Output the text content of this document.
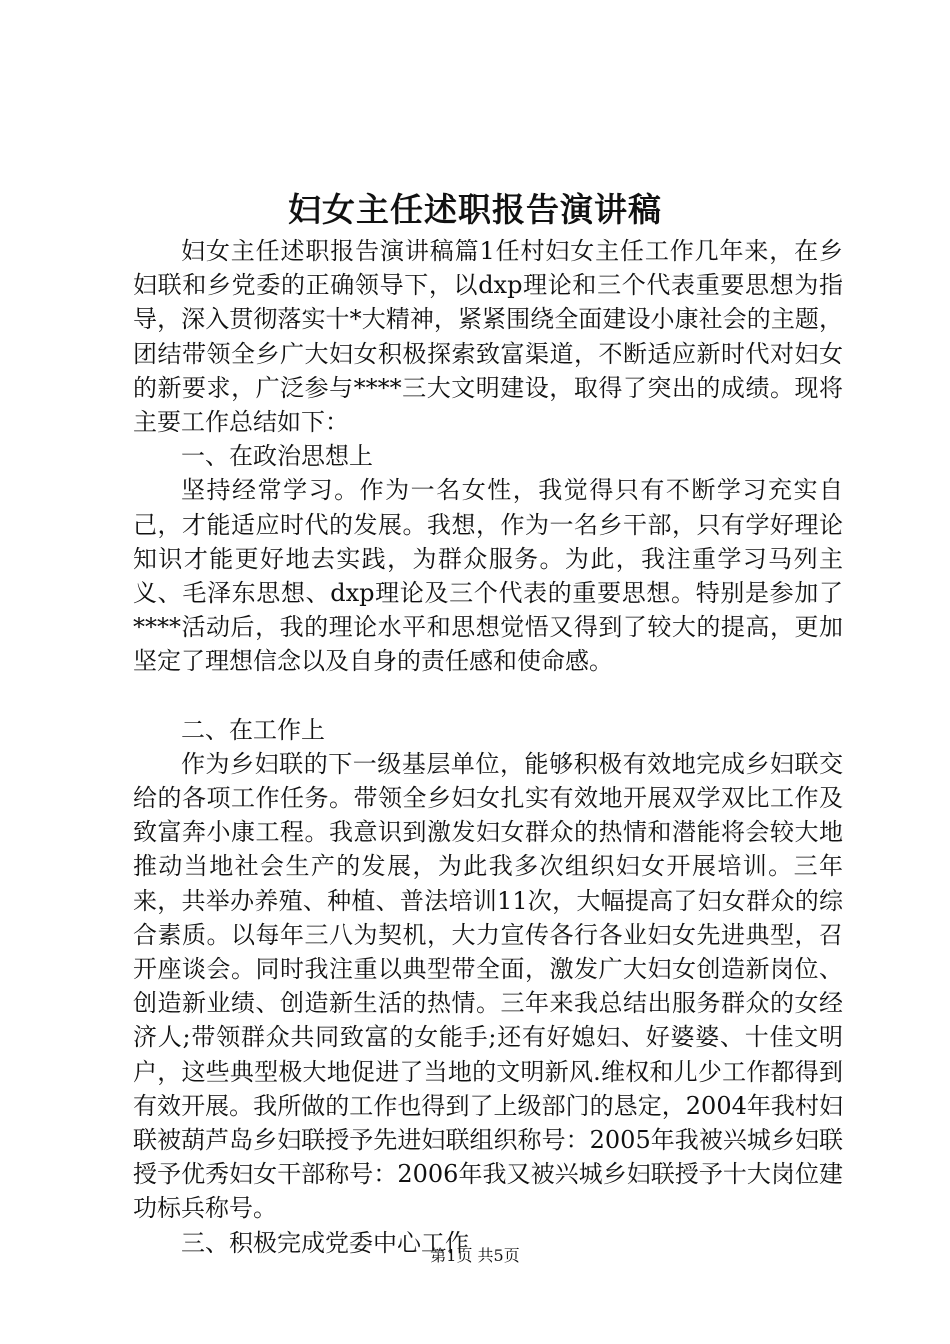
妇女主任述职报告演讲稿

妇女主任述职报告演讲稿篇1任村妇女主任工作几年来，在乡妇联和乡党委的正确领导下，以dxp理论和三个代表重要思想为指导，深入贯彻落实十*大精神，紧紧围绕全面建设小康社会的主题，团结带领全乡广大妇女积极探索致富渠道，不断适应新时代对妇女的新要求，广泛参与****三大文明建设，取得了突出的成绩。现将主要工作总结如下：

一、在政治思想上

坚持经常学习。作为一名女性，我觉得只有不断学习充实自己，才能适应时代的发展。我想，作为一名乡干部，只有学好理论知识才能更好地去实践，为群众服务。为此，我注重学习马列主义、毛泽东思想、dxp理论及三个代表的重要思想。特别是参加了****活动后，我的理论水平和思想觉悟又得到了较大的提高，更加坚定了理想信念以及自身的责任感和使命感。

二、在工作上

作为乡妇联的下一级基层单位，能够积极有效地完成乡妇联交给的各项工作任务。带领全乡妇女扎实有效地开展双学双比工作及致富奔小康工程。我意识到激发妇女群众的热情和潜能将会较大地推动当地社会生产的发展，为此我多次组织妇女开展培训。三年来，共举办养殖、种植、普法培训11次，大幅提高了妇女群众的综合素质。以每年三八为契机，大力宣传各行各业妇女先进典型，召开座谈会。同时我注重以典型带全面，激发广大妇女创造新岗位、创造新业绩、创造新生活的热情。三年来我总结出服务群众的女经济人;带领群众共同致富的女能手;还有好媳妇、好婆婆、十佳文明户，这些典型极大地促进了当地的文明新风.维权和儿少工作都得到有效开展。我所做的工作也得到了上级部门的恳定，2004年我村妇联被葫芦岛乡妇联授予先进妇联组织称号：2005年我被兴城乡妇联授予优秀妇女干部称号：2006年我又被兴城乡妇联授予十大岗位建功标兵称号。

三、积极完成党委中心工作

第1页 共5页
